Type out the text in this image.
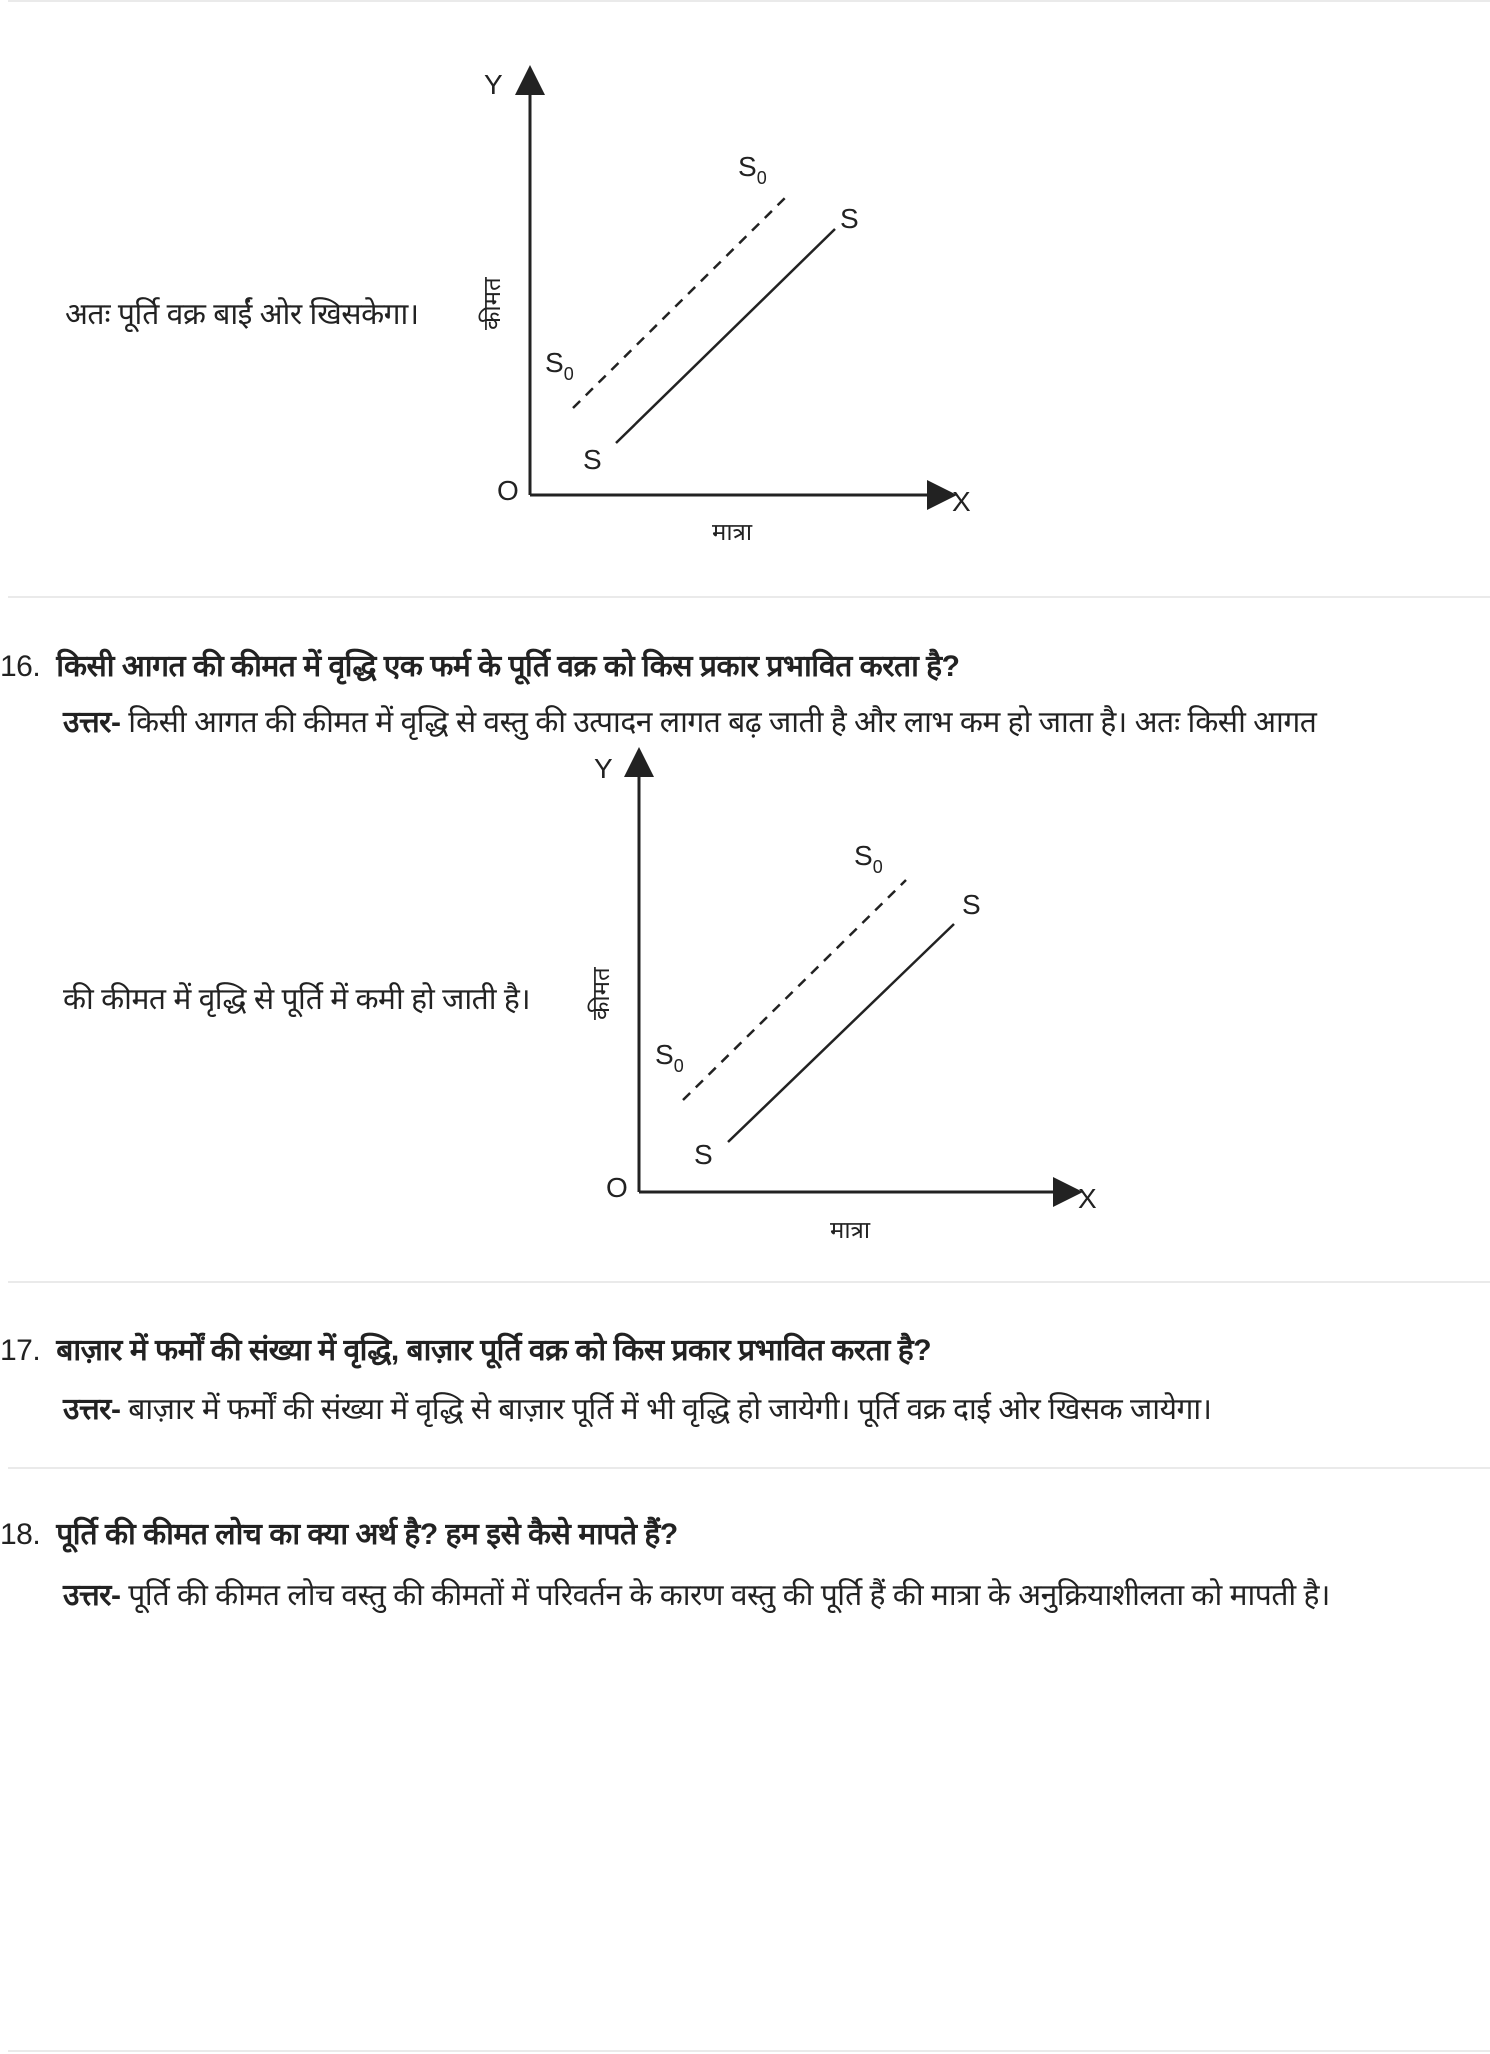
Y
X
O
कीमत
मात्रा
$S_0$
S
$S_0$
S
Y
X
O
कीमत
मात्रा
$S_0$
S
$S_0$
S
अतः पूर्ति वक्र बाईं ओर खिसकेगा।
16. किसी आगत की कीमत में वृद्धि एक फर्म के पूर्ति वक्र को किस प्रकार प्रभावित करता है?
उत्तर- किसी आगत की कीमत में वृद्धि से वस्तु की उत्पादन लागत बढ़ जाती है और लाभ कम हो जाता है। अतः किसी आगत
की कीमत में वृद्धि से पूर्ति में कमी हो जाती है।
17. बाज़ार में फर्मों की संख्या में वृद्धि, बाज़ार पूर्ति वक्र को किस प्रकार प्रभावित करता है?
उत्तर- बाज़ार में फर्मों की संख्या में वृद्धि से बाज़ार पूर्ति में भी वृद्धि हो जायेगी। पूर्ति वक्र दाई ओर खिसक जायेगा।
18. पूर्ति की कीमत लोच का क्या अर्थ है? हम इसे कैसे मापते हैं?
उत्तर- पूर्ति की कीमत लोच वस्तु की कीमतों में परिवर्तन के कारण वस्तु की पूर्ति हैं की मात्रा के अनुक्रियाशीलता को मापती है।
